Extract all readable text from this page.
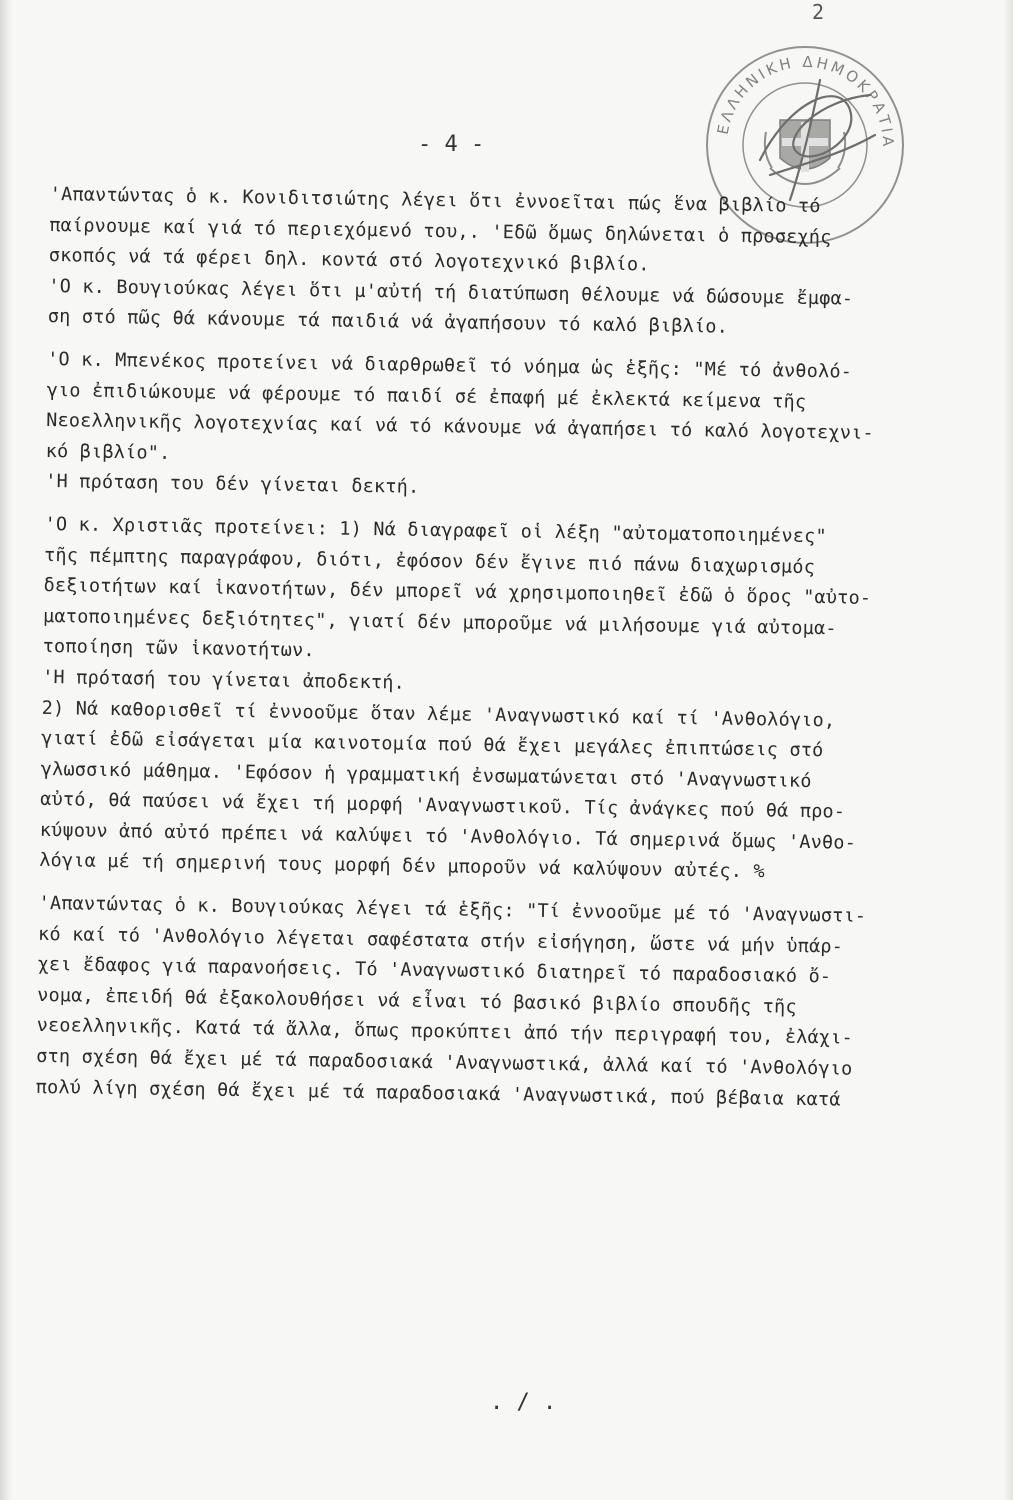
2
ΕΛΛΗΝΙΚΗ ΔΗΜΟΚΡΑΤΙΑ
- 4 -
'Απαντώντας ὁ κ. Κονιδιτσιώτης λέγει ὅτι ἐννοεῖται πώς ἕνα βιβλίο τό
παίρνουμε καί γιά τό περιεχόμενό του,. 'Εδῶ ὅμως δηλώνεται ὁ προσεχής
σκοπός νά τά φέρει δηλ. κοντά στό λογοτεχνικό βιβλίο.
'Ο κ. Βουγιούκας λέγει ὅτι μ'αὐτή τή διατύπωση θέλουμε νά δώσουμε ἔμφα-
ση στό πῶς θά κάνουμε τά παιδιά νά ἀγαπήσουν τό καλό βιβλίο.
'Ο κ. Μπενέκος προτείνει νά διαρθρωθεῖ τό νόημα ὡς ἑξῆς: "Μέ τό ἀνθολό-
γιο ἐπιδιώκουμε νά φέρουμε τό παιδί σέ ἐπαφή μέ ἐκλεκτά κείμενα τῆς
Νεοελληνικῆς λογοτεχνίας καί νά τό κάνουμε νά ἀγαπήσει τό καλό λογοτεχνι-
κό βιβλίο".
'Η πρόταση του δέν γίνεται δεκτή.
'Ο κ. Χριστιᾶς προτείνει: 1) Νά διαγραφεῖ οἱ λέξη "αὐτοματοποιημένες"
τῆς πέμπτης παραγράφου, διότι, ἐφόσον δέν ἔγινε πιό πάνω διαχωρισμός
δεξιοτήτων καί ἱκανοτήτων, δέν μπορεῖ νά χρησιμοποιηθεῖ ἐδῶ ὁ ὅρος "αὐτο-
ματοποιημένες δεξιότητες", γιατί δέν μποροῦμε νά μιλήσουμε γιά αὐτομα-
τοποίηση τῶν ἱκανοτήτων.
'Η πρότασή του γίνεται ἀποδεκτή.
2) Νά καθορισθεῖ τί ἐννοοῦμε ὅταν λέμε 'Αναγνωστικό καί τί 'Ανθολόγιο,
γιατί ἐδῶ εἰσάγεται μία καινοτομία πού θά ἔχει μεγάλες ἐπιπτώσεις στό
γλωσσικό μάθημα. 'Εφόσον ἡ γραμματική ἐνσωματώνεται στό 'Αναγνωστικό
αὐτό, θά παύσει νά ἔχει τή μορφή 'Αναγνωστικοῦ. Τίς ἀνάγκες πού θά προ-
κύψουν ἀπό αὐτό πρέπει νά καλύψει τό 'Ανθολόγιο. Τά σημερινά ὅμως 'Ανθο-
λόγια μέ τή σημερινή τους μορφή δέν μποροῦν νά καλύψουν αὐτές. %
'Απαντώντας ὁ κ. Βουγιούκας λέγει τά ἑξῆς: "Τί ἐννοοῦμε μέ τό 'Αναγνωστι-
κό καί τό 'Ανθολόγιο λέγεται σαφέστατα στήν εἰσήγηση, ὥστε νά μήν ὑπάρ-
χει ἔδαφος γιά παρανοήσεις. Τό 'Αναγνωστικό διατηρεῖ τό παραδοσιακό ὄ-
νομα, ἐπειδή θά ἐξακολουθήσει νά εἶναι τό βασικό βιβλίο σπουδῆς τῆς
νεοελληνικῆς. Κατά τά ἄλλα, ὅπως προκύπτει ἀπό τήν περιγραφή του, ἐλάχι-
στη σχέση θά ἔχει μέ τά παραδοσιακά 'Αναγνωστικά, ἀλλά καί τό 'Ανθολόγιο
πολύ λίγη σχέση θά ἔχει μέ τά παραδοσιακά 'Αναγνωστικά, πού βέβαια κατά
. / .
